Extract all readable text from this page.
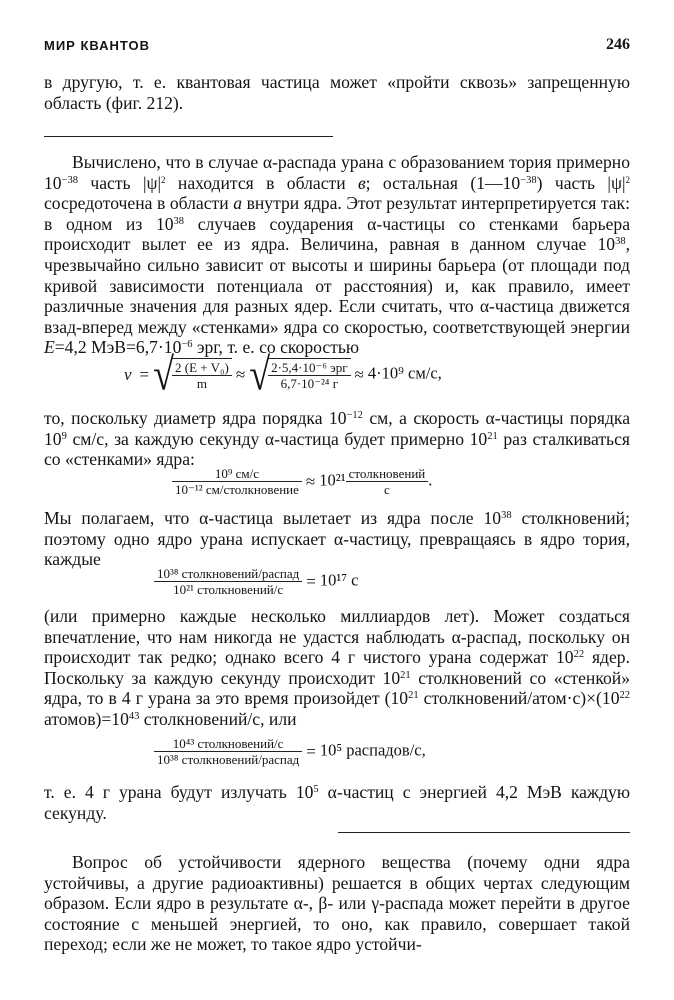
МИР КВАНТОВ	246

в другую, т. е. квантовая частица может «пройти сквозь» запрещенную область (фиг. 212).

Вычислено, что в случае α-распада урана с образованием тория примерно $10^{-38}$ часть $|\psi|^2$ находится в области в; остальная $(1—10^{-38})$ часть $|\psi|^2$ сосредоточена в области a внутри ядра. Этот результат интерпретируется так: в одном из $10^{38}$ случаев соударения α-частицы со стенками барьера происходит вылет ее из ядра. Величина, равная в данном случае $10^{38}$, чрезвычайно сильно зависит от высоты и ширины барьера (от площади под кривой зависимости потенциала от расстояния) и, как правило, имеет различные значения для разных ядер. Если считать, что α-частица движется взад-вперед между «стенками» ядра со скоростью, соответствующей энергии E=4,2 $МэВ=6,7\cdot 10^{-6}$ эрг, т. е. со скоростью

v = √
$\frac{\text{2 (E + V₀)}}{m}$ ≈ √
$\frac{\text{2·5,4·10⁻⁶ эрг}}{\text{6,7·10⁻²⁴ г}} \approx 4\cdot 10^9$ см/с,

то, поскольку диаметр ядра порядка $10^{-12}$ см, а скорость α-частицы порядка $10^9$ см/с, за каждую секунду α-частица будет примерно $10^{21}$ раз сталкиваться со «стенками» ядра:

$\frac{\text{10⁹ см/с}}{\text{10⁻¹² см/столкновение}} \approx 10^{21} \frac{\text{столкновений}}{с}$ .

Мы полагаем, что α-частица вылетает из ядра после $10^{38}$ столкновений; поэтому одно ядро урана испускает α-частицу, превращаясь в ядро тория, каждые

$\frac{\text{10³⁸ столкновений/распад}}{\text{10²¹ столкновений/с}} = 10^{17}$ с

(или примерно каждые несколько миллиардов лет). Может создаться впечатление, что нам никогда не удастся наблюдать α-распад, поскольку он происходит так редко; однако всего 4 г чистого урана содержат $10^{22}$ ядер. Поскольку за каждую секунду происходит $10^{21}$ столкновений со «стенкой» ядра, то в 4 г урана за это время произойдет ($10^{21}$ столкновений/$атом\cdot с)\times(10^{22}$ $атомов)=10^{43}$ столкновений/с, или

$\frac{\text{10⁴³ столкновений/с}}{\text{10³⁸ столкновений/распад}} = 10^5$ распадов/с,

т. е. 4 г урана будут излучать $10^5$ α-частиц с энергией 4,2 МэВ каждую секунду.

Вопрос об устойчивости ядерного вещества (почему одни ядра устойчивы, а другие радиоактивны) решается в общих чертах следующим образом. Если ядро в результате α-, β- или γ-распада может перейти в другое состояние с меньшей энергией, то оно, как правило, совершает такой переход; если же не может, то такое ядро устойчи-
